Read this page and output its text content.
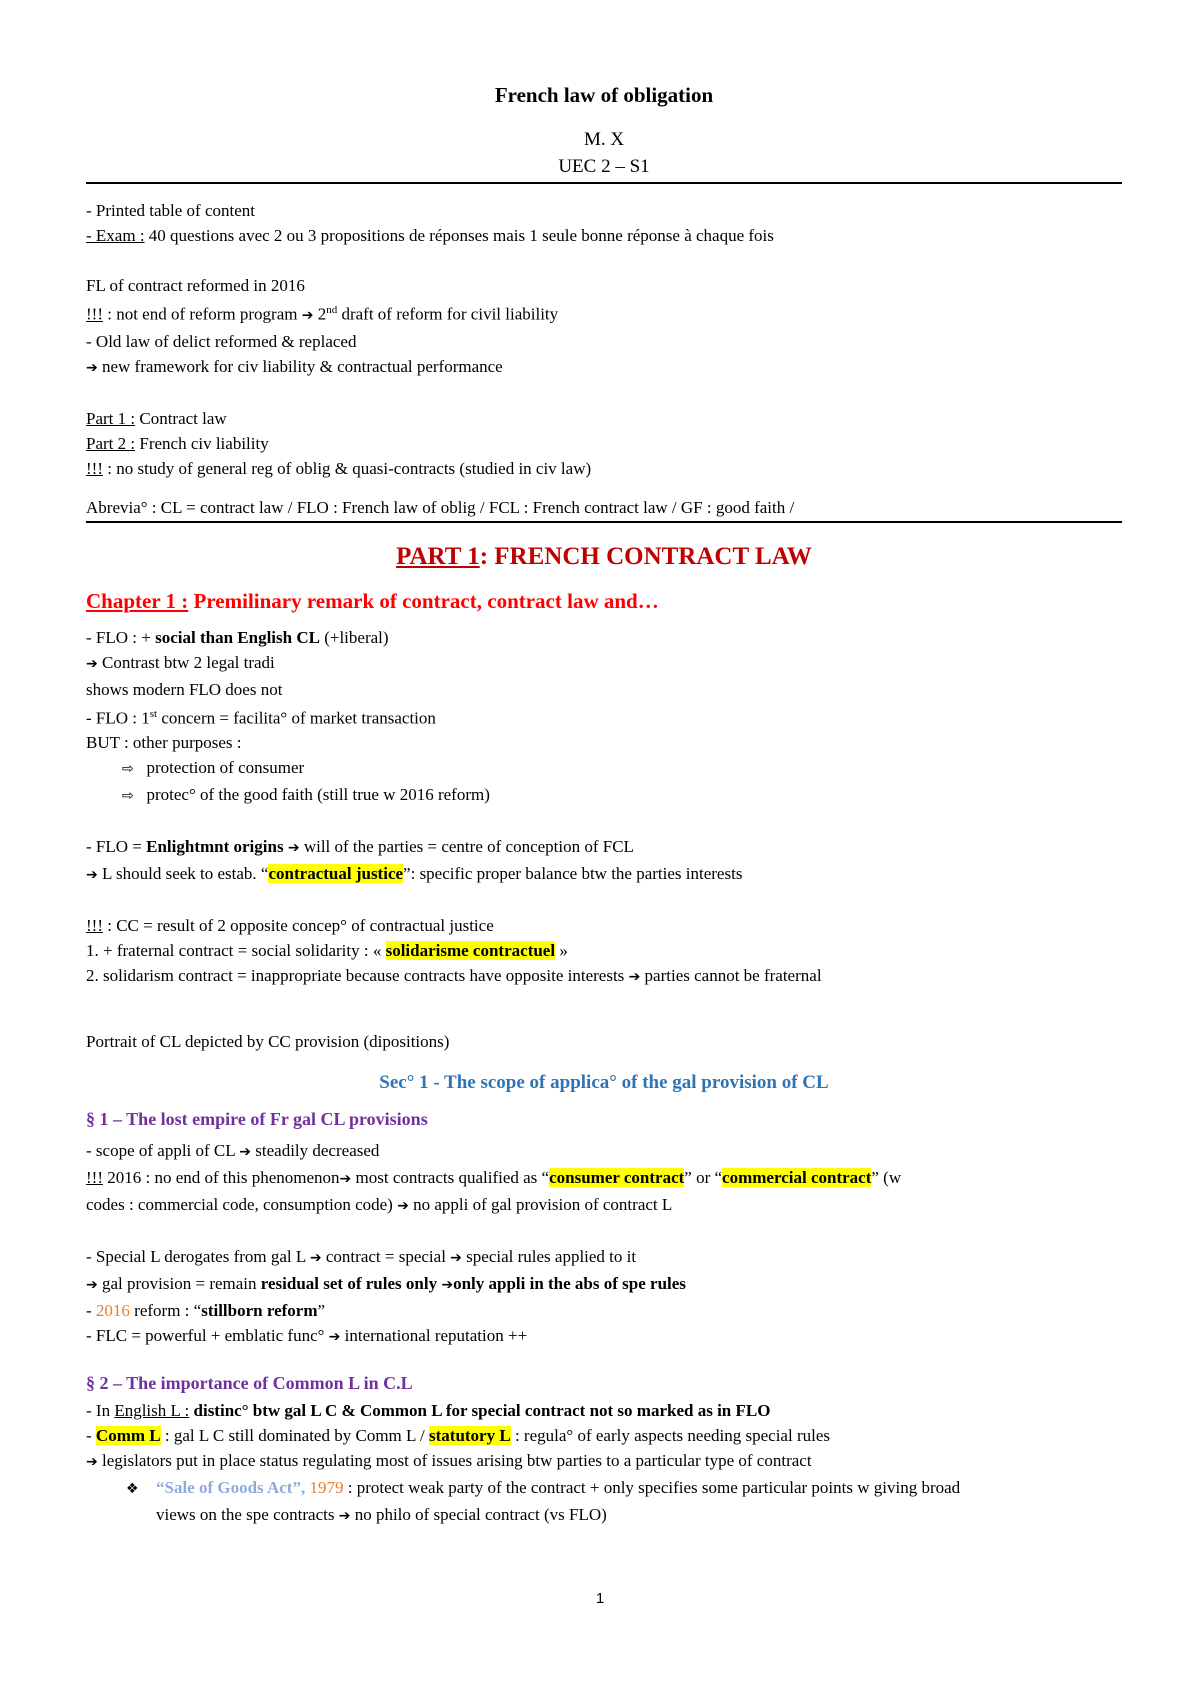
French law of obligation
M. X
UEC 2 – S1
- Printed table of content
- Exam : 40 questions avec 2 ou 3 propositions de réponses mais 1 seule bonne réponse à chaque fois
FL of contract reformed in 2016
!!! : not end of reform program ➔ 2nd draft of reform for civil liability
- Old law of delict reformed & replaced
➔ new framework for civ liability & contractual performance
Part 1 : Contract law
Part 2 : French civ liability
!!! : no study of general reg of oblig & quasi-contracts (studied in civ law)
Abrevia° : CL = contract law / FLO : French law of oblig / FCL : French contract law / GF : good faith /
PART 1: FRENCH CONTRACT LAW
Chapter 1 : Premilinary remark of contract, contract law and…
- FLO : + social than English CL (+liberal)
➔ Contrast btw 2 legal tradi
shows modern FLO does not
- FLO : 1st concern = facilita° of market transaction
BUT : other purposes :
⇨ protection of consumer
⇨ protec° of the good faith (still true w 2016 reform)
- FLO = Enlightmnt origins ➔ will of the parties = centre of conception of FCL
➔ L should seek to estab. “contractual justice”: specific proper balance btw the parties interests
!!! : CC = result of 2 opposite concep° of contractual justice
1. + fraternal contract = social solidarity : « solidarisme contractuel »
2. solidarism contract = inappropriate because contracts have opposite interests ➔ parties cannot be fraternal
Portrait of CL depicted by CC provision (dipositions)
Sec° 1 - The scope of applica° of the gal provision of CL
§ 1 – The lost empire of Fr gal CL provisions
- scope of appli of CL ➔ steadily decreased
!!! 2016 : no end of this phenomenon➔ most contracts qualified as “consumer contract” or “commercial contract” (w
codes : commercial code, consumption code) ➔ no appli of gal provision of contract L
- Special L derogates from gal L ➔ contract = special ➔ special rules applied to it
➔ gal provision = remain residual set of rules only ➔only appli in the abs of spe rules
- 2016 reform : “stillborn reform”
- FLC = powerful + emblatic func° ➔ international reputation ++
§ 2 – The importance of Common L in C.L
- In English L : distinc° btw gal L C & Common L for special contract not so marked as in FLO
- Comm L : gal L C still dominated by Comm L / statutory L : regula° of early aspects needing special rules
➔ legislators put in place status regulating most of issues arising btw parties to a particular type of contract
❖ “Sale of Goods Act”, 1979 : protect weak party of the contract + only specifies some particular points w giving broad
views on the spe contracts ➔ no philo of special contract (vs FLO)
1
